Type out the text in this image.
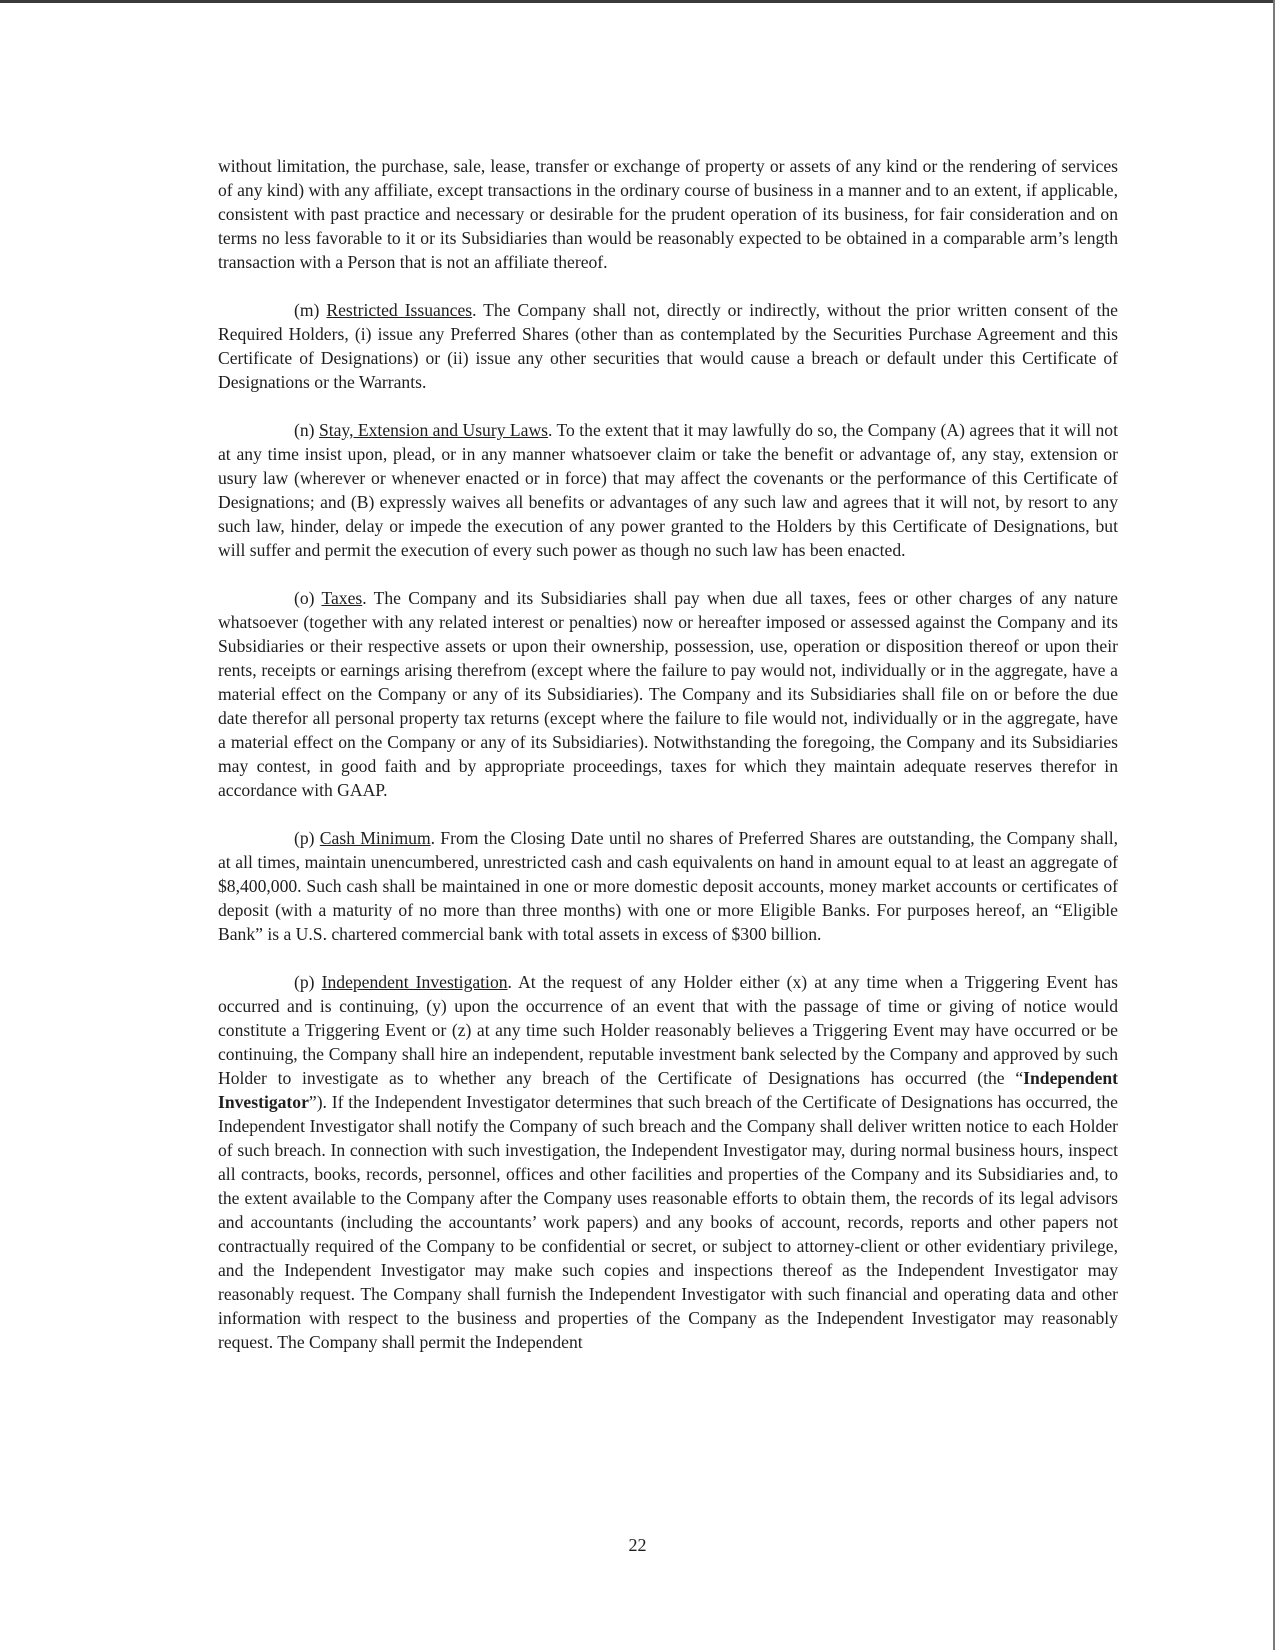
without limitation, the purchase, sale, lease, transfer or exchange of property or assets of any kind or the rendering of services of any kind) with any affiliate, except transactions in the ordinary course of business in a manner and to an extent, if applicable, consistent with past practice and necessary or desirable for the prudent operation of its business, for fair consideration and on terms no less favorable to it or its Subsidiaries than would be reasonably expected to be obtained in a comparable arm’s length transaction with a Person that is not an affiliate thereof.

(m) Restricted Issuances. The Company shall not, directly or indirectly, without the prior written consent of the Required Holders, (i) issue any Preferred Shares (other than as contemplated by the Securities Purchase Agreement and this Certificate of Designations) or (ii) issue any other securities that would cause a breach or default under this Certificate of Designations or the Warrants.

(n) Stay, Extension and Usury Laws. To the extent that it may lawfully do so, the Company (A) agrees that it will not at any time insist upon, plead, or in any manner whatsoever claim or take the benefit or advantage of, any stay, extension or usury law (wherever or whenever enacted or in force) that may affect the covenants or the performance of this Certificate of Designations; and (B) expressly waives all benefits or advantages of any such law and agrees that it will not, by resort to any such law, hinder, delay or impede the execution of any power granted to the Holders by this Certificate of Designations, but will suffer and permit the execution of every such power as though no such law has been enacted.

(o) Taxes. The Company and its Subsidiaries shall pay when due all taxes, fees or other charges of any nature whatsoever (together with any related interest or penalties) now or hereafter imposed or assessed against the Company and its Subsidiaries or their respective assets or upon their ownership, possession, use, operation or disposition thereof or upon their rents, receipts or earnings arising therefrom (except where the failure to pay would not, individually or in the aggregate, have a material effect on the Company or any of its Subsidiaries). The Company and its Subsidiaries shall file on or before the due date therefor all personal property tax returns (except where the failure to file would not, individually or in the aggregate, have a material effect on the Company or any of its Subsidiaries). Notwithstanding the foregoing, the Company and its Subsidiaries may contest, in good faith and by appropriate proceedings, taxes for which they maintain adequate reserves therefor in accordance with GAAP.

(p) Cash Minimum. From the Closing Date until no shares of Preferred Shares are outstanding, the Company shall, at all times, maintain unencumbered, unrestricted cash and cash equivalents on hand in amount equal to at least an aggregate of $8,400,000. Such cash shall be maintained in one or more domestic deposit accounts, money market accounts or certificates of deposit (with a maturity of no more than three months) with one or more Eligible Banks. For purposes hereof, an “Eligible Bank” is a U.S. chartered commercial bank with total assets in excess of $300 billion.

(p) Independent Investigation. At the request of any Holder either (x) at any time when a Triggering Event has occurred and is continuing, (y) upon the occurrence of an event that with the passage of time or giving of notice would constitute a Triggering Event or (z) at any time such Holder reasonably believes a Triggering Event may have occurred or be continuing, the Company shall hire an independent, reputable investment bank selected by the Company and approved by such Holder to investigate as to whether any breach of the Certificate of Designations has occurred (the “Independent Investigator”). If the Independent Investigator determines that such breach of the Certificate of Designations has occurred, the Independent Investigator shall notify the Company of such breach and the Company shall deliver written notice to each Holder of such breach. In connection with such investigation, the Independent Investigator may, during normal business hours, inspect all contracts, books, records, personnel, offices and other facilities and properties of the Company and its Subsidiaries and, to the extent available to the Company after the Company uses reasonable efforts to obtain them, the records of its legal advisors and accountants (including the accountants’ work papers) and any books of account, records, reports and other papers not contractually required of the Company to be confidential or secret, or subject to attorney-client or other evidentiary privilege, and the Independent Investigator may make such copies and inspections thereof as the Independent Investigator may reasonably request. The Company shall furnish the Independent Investigator with such financial and operating data and other information with respect to the business and properties of the Company as the Independent Investigator may reasonably request. The Company shall permit the Independent

22
